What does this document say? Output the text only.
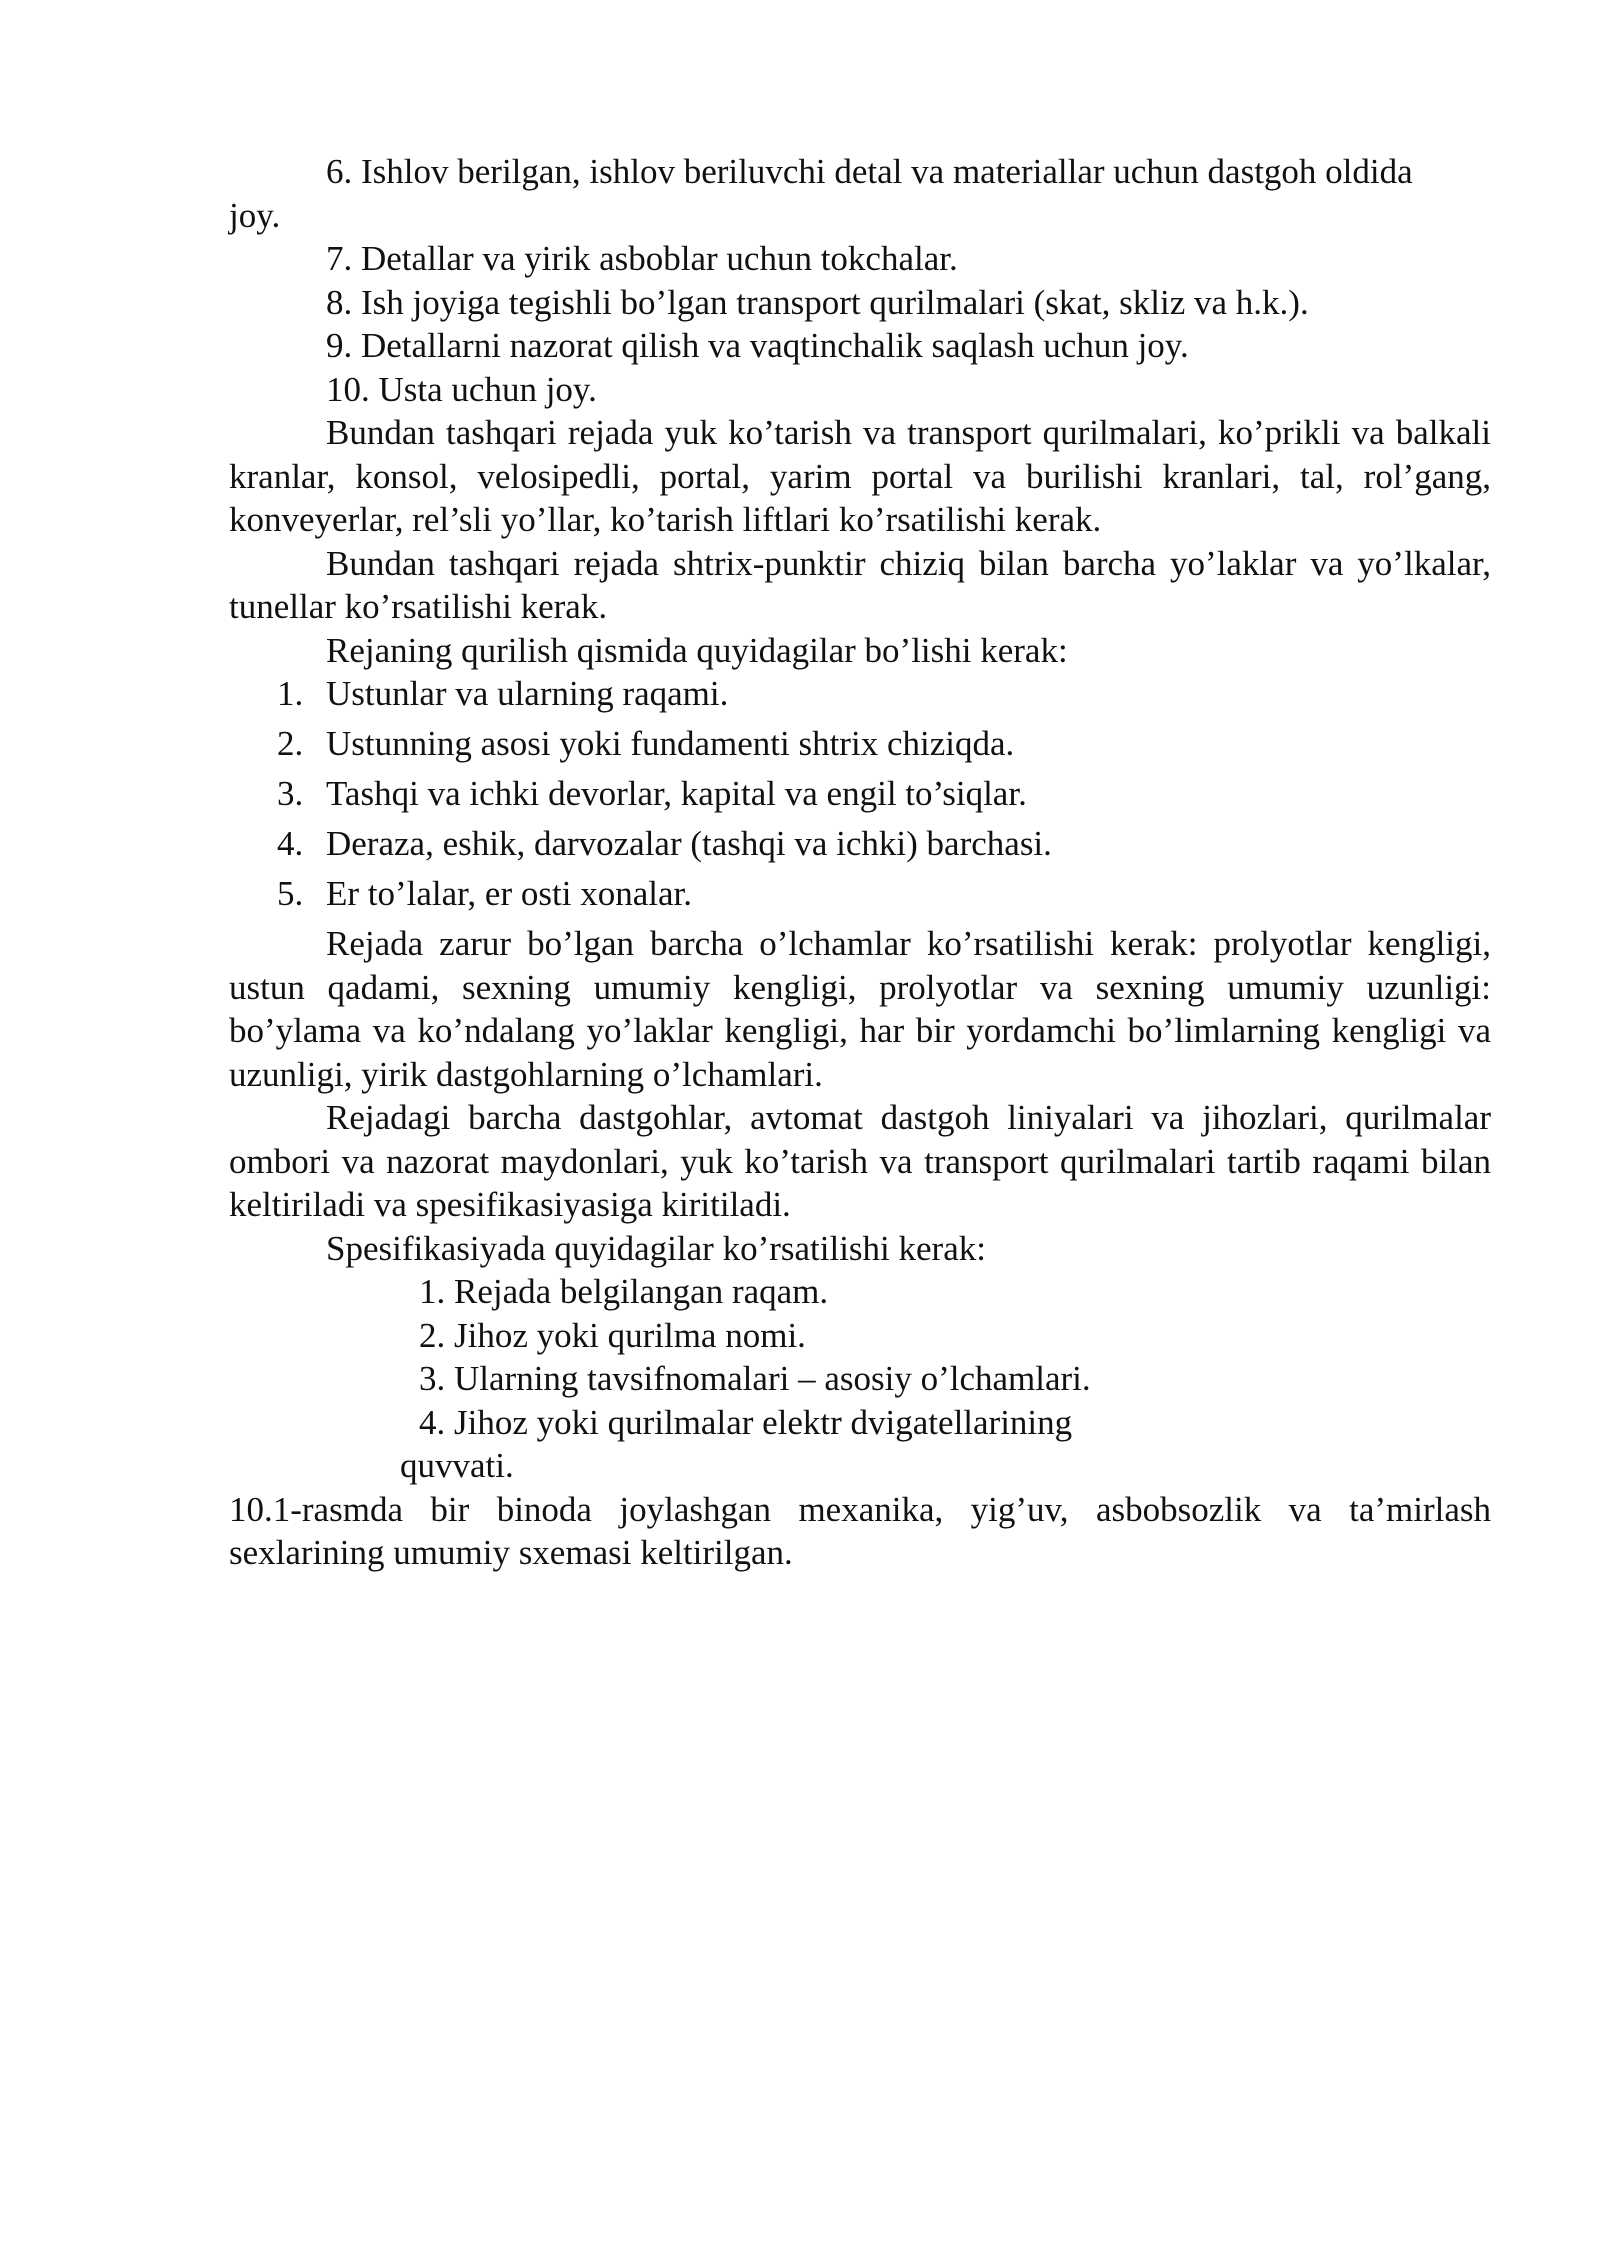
6. Ishlov berilgan, ishlov beriluvchi detal va materiallar uchun dastgoh oldida

joy.

7. Detallar va yirik asboblar uchun tokchalar.

8. Ish joyiga tegishli bo’lgan transport qurilmalari (skat, skliz va h.k.).

9. Detallarni nazorat qilish va vaqtinchalik saqlash uchun joy.

10. Usta uchun joy.

Bundan tashqari rejada yuk ko’tarish va transport qurilmalari, ko’prikli va balkali kranlar, konsol, velosipedli, portal, yarim portal va burilishi kranlari, tal, rol’gang, konveyerlar, rel’sli yo’llar, ko’tarish liftlari ko’rsatilishi kerak.

Bundan tashqari rejada shtrix-punktir chiziq bilan barcha yo’laklar va yo’lkalar, tunellar ko’rsatilishi kerak.

Rejaning qurilish qismida quyidagilar bo’lishi kerak:

1. Ustunlar va ularning raqami.
2. Ustunning asosi yoki fundamenti shtrix chiziqda.
3. Tashqi va ichki devorlar, kapital va engil to’siqlar.
4. Deraza, eshik, darvozalar (tashqi va ichki) barchasi.
5. Er to’lalar, er osti xonalar.

Rejada zarur bo’lgan barcha o’lchamlar ko’rsatilishi kerak: prolyotlar kengligi, ustun qadami, sexning umumiy kengligi, prolyotlar va sexning umumiy uzunligi: bo’ylama va ko’ndalang yo’laklar kengligi, har bir yordamchi bo’limlarning kengligi va uzunligi, yirik dastgohlarning o’lchamlari.

Rejadagi barcha dastgohlar, avtomat dastgoh liniyalari va jihozlari, qurilmalar ombori va nazorat maydonlari, yuk ko’tarish va transport qurilmalari tartib raqami bilan keltiriladi va spesifikasiyasiga kiritiladi.

Spesifikasiyada quyidagilar ko’rsatilishi kerak:

1. Rejada belgilangan raqam.
2. Jihoz yoki qurilma nomi.
3. Ularning tavsifnomalari – asosiy o’lchamlari.
4. Jihoz yoki qurilmalar elektr dvigatellarining
quvvati.

10.1-rasmda bir binoda joylashgan mexanika, yig’uv, asbobsozlik va ta’mirlash sexlarining umumiy sxemasi keltirilgan.
